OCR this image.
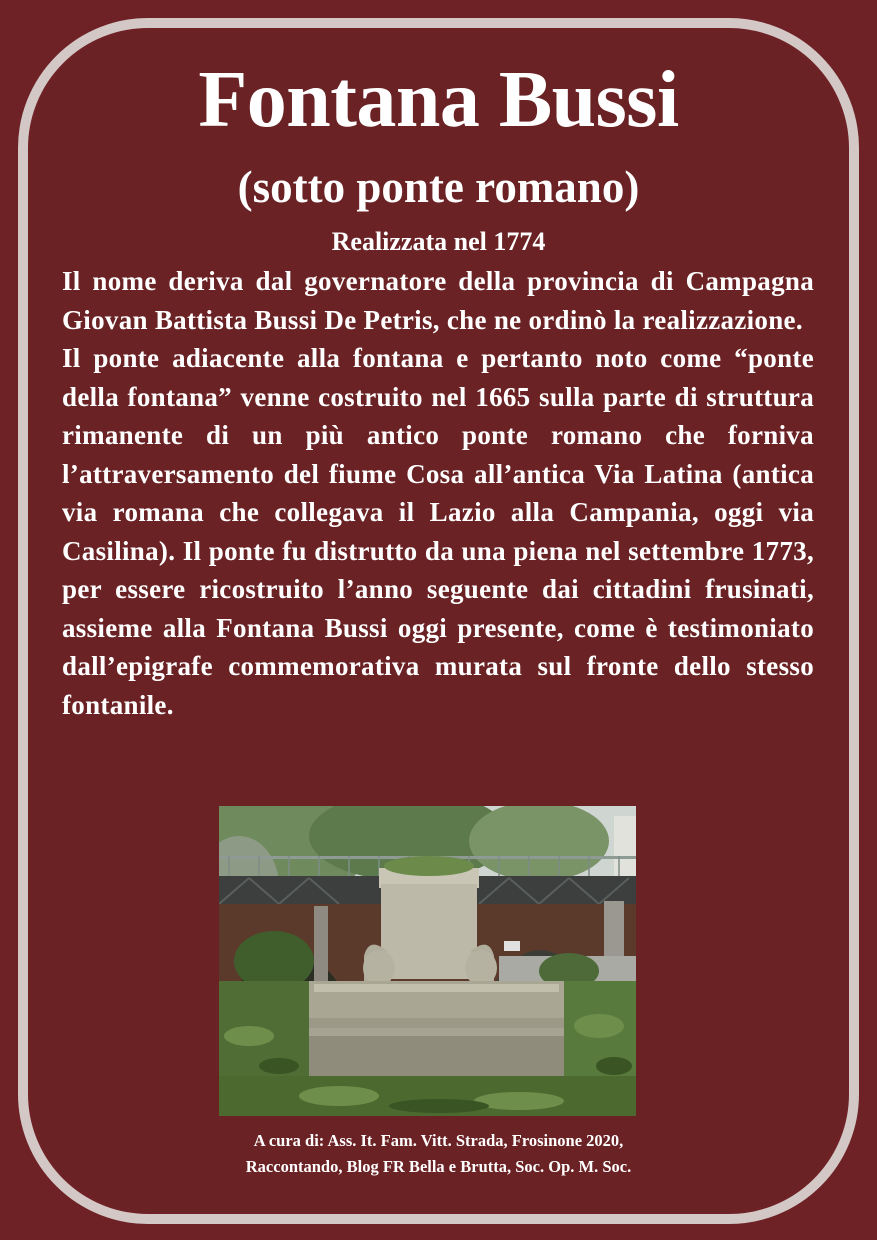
Fontana Bussi
(sotto ponte romano)
Realizzata nel 1774

Il nome deriva dal governatore della provincia di Campagna Giovan Battista Bussi De Petris, che ne ordinò la realizzazione.

Il ponte adiacente alla fontana e pertanto noto come “ponte della fontana” venne costruito nel 1665 sulla parte di struttura rimanente di un più antico ponte romano che forniva l’attraversamento del fiume Cosa all’antica Via Latina (antica via romana che collegava il Lazio alla Campania, oggi via Casilina). Il ponte fu distrutto da una piena nel settembre 1773, per essere ricostruito l’anno seguente dai cittadini frusinati, assieme alla Fontana Bussi oggi presente, come è testimoniato dall’epigrafe commemorativa murata sul fronte dello stesso fontanile.

A cura di: Ass. It. Fam. Vitt. Strada, Frosinone 2020,
Raccontando, Blog FR Bella e Brutta, Soc. Op. M. Soc.
